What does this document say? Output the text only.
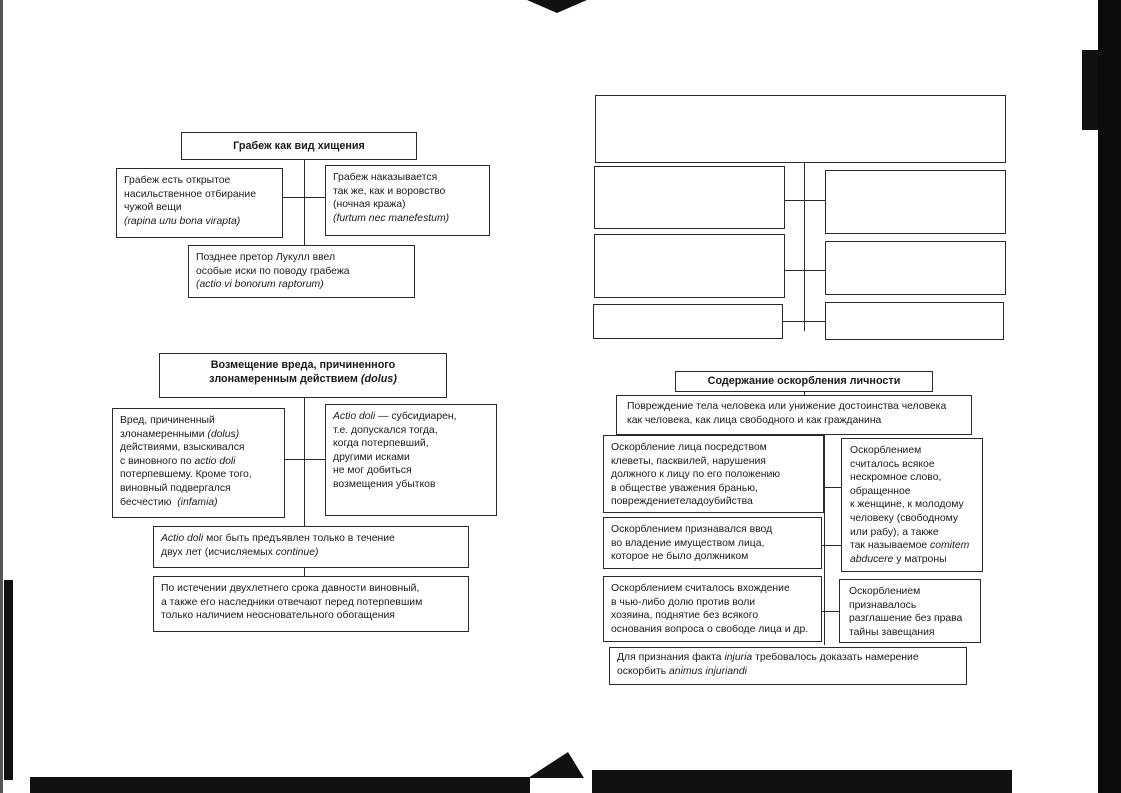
Грабеж как вид хищения
Грабеж есть открытое
насильственное отбирание
чужой вещи
(rapina или bona virapta)
Грабеж наказывается
так же, как и воровство
(ночная кража)
(furtum nec manefestum)
Позднее претор Лукулл ввел
особые иски по поводу грабежа
(actio vi bonorum raptorum)
Возмещение вреда, причиненного
злонамеренным действием (dolus)
Вред, причиненный
злонамеренными (dolus)
действиями, взыскивался
с виновного по actio doli
потерпевшему. Кроме того,
виновный подвергался
бесчестию (infamia)
Actio doli — субсидиарен,
т.е. допускался тогда,
когда потерпевший,
другими исками
не мог добиться
возмещения убытков
Actio doli мог быть предъявлен только в течение
двух лет (исчисляемых continue)
По истечении двухлетнего срока давности виновный,
а также его наследники отвечают перед потерпевшим
только наличием неосновательного обогащения
Содержание оскорбления личности
Повреждение тела человека или унижение достоинства человека
как человека, как лица свободного и как гражданина
Оскорбление лица посредством
клеветы, пасквилей, нарушения
должного к лицу по его положению
в обществе уважения бранью,
повреждениетеладоубийства
Оскорблением признавался ввод
во владение имуществом лица,
которое не было должником
Оскорблением считалось вхождение
в чью-либо долю против воли
хозяина, поднятие без всякого
основания вопроса о свободе лица и др.
Оскорблением
считалось всякое
нескромное слово,
обращенное
к женщине, к молодому
человеку (свободному
или рабу), а также
так называемое comitem
abducere у матроны
Оскорблением
признавалось
разглашение без права
тайны завещания
Для признания факта injuria требовалось доказать намерение
оскорбить animus injuriandi
